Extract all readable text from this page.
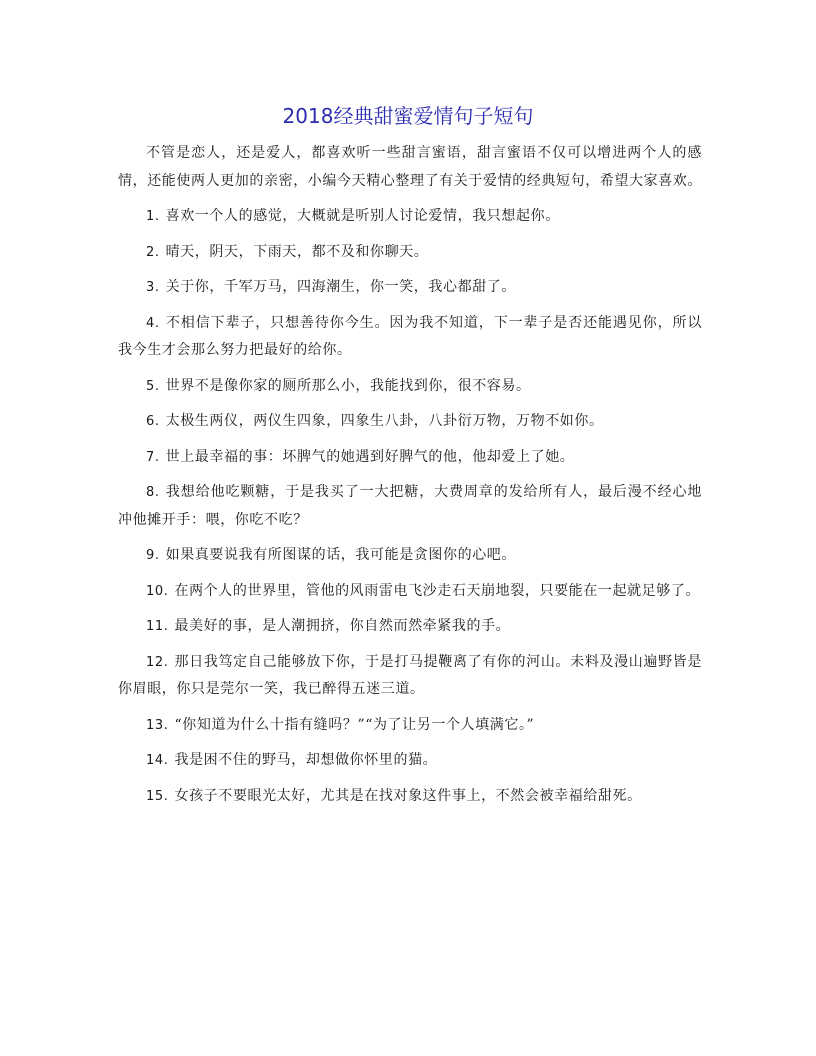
2018经典甜蜜爱情句子短句

不管是恋人，还是爱人，都喜欢听一些甜言蜜语，甜言蜜语不仅可以增进两个人的感情，还能使两人更加的亲密，小编今天精心整理了有关于爱情的经典短句，希望大家喜欢。

1. 喜欢一个人的感觉，大概就是听别人讨论爱情，我只想起你。

2. 晴天，阴天，下雨天，都不及和你聊天。

3. 关于你，千军万马，四海潮生，你一笑，我心都甜了。

4. 不相信下辈子，只想善待你今生。因为我不知道，下一辈子是否还能遇见你，所以我今生才会那么努力把最好的给你。

5. 世界不是像你家的厕所那么小，我能找到你，很不容易。

6. 太极生两仪，两仪生四象，四象生八卦，八卦衍万物，万物不如你。

7. 世上最幸福的事：坏脾气的她遇到好脾气的他，他却爱上了她。

8. 我想给他吃颗糖，于是我买了一大把糖，大费周章的发给所有人，最后漫不经心地冲他摊开手：喂，你吃不吃？

9. 如果真要说我有所图谋的话，我可能是贪图你的心吧。

10. 在两个人的世界里，管他的风雨雷电飞沙走石天崩地裂，只要能在一起就足够了。

11. 最美好的事，是人潮拥挤，你自然而然牵紧我的手。

12. 那日我笃定自己能够放下你，于是打马提鞭离了有你的河山。未料及漫山遍野皆是你眉眼，你只是莞尔一笑，我已醉得五迷三道。

13. “你知道为什么十指有缝吗？”“为了让另一个人填满它。”

14. 我是困不住的野马，却想做你怀里的猫。

15. 女孩子不要眼光太好，尤其是在找对象这件事上，不然会被幸福给甜死。
